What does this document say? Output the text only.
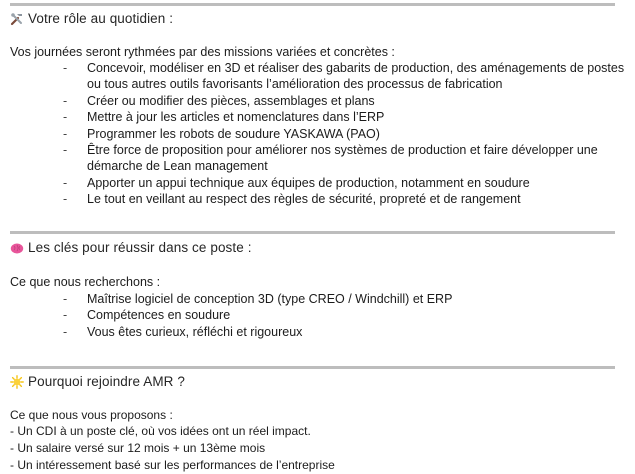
Votre rôle au quotidien :
Vos journées seront rythmées par des missions variées et concrètes :
- Concevoir, modéliser en 3D et réaliser des gabarits de production, des aménagements de postes ou tous autres outils favorisants l’amélioration des processus de fabrication
- Créer ou modifier des pièces, assemblages et plans
- Mettre à jour les articles et nomenclatures dans l’ERP
- Programmer les robots de soudure YASKAWA (PAO)
- Être force de proposition pour améliorer nos systèmes de production et faire développer une démarche de Lean management
- Apporter un appui technique aux équipes de production, notamment en soudure
- Le tout en veillant au respect des règles de sécurité, propreté et de rangement
Les clés pour réussir dans ce poste :
Ce que nous recherchons :
- Maîtrise logiciel de conception 3D (type CREO / Windchill) et ERP
- Compétences en soudure
- Vous êtes curieux, réfléchi et rigoureux
Pourquoi rejoindre AMR ?
Ce que nous vous proposons :
- Un CDI à un poste clé, où vos idées ont un réel impact.
- Un salaire versé sur 12 mois + un 13ème mois
- Un intéressement basé sur les performances de l’entreprise
